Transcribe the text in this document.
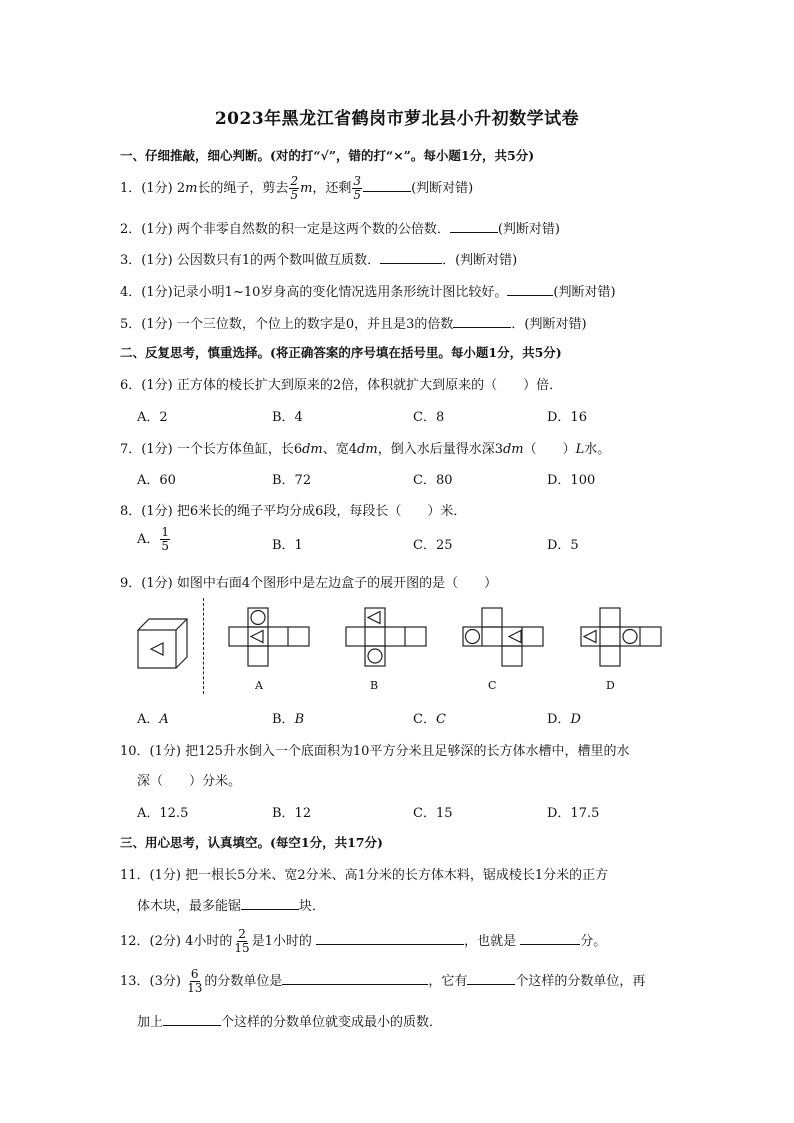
2023年黑龙江省鹤岗市萝北县小升初数学试卷
一、仔细推敲，细心判断。(对的打“√”，错的打“×”。每小题1分，共5分)
1．(1分) 2m长的绳子，剪去 $\frac{2}{5}$ m，还剩 $\frac{3}{5}$	(判断对错)
2．(1分) 两个非零自然数的积一定是这两个数的公倍数．	(判断对错)
3．(1分) 公因数只有1的两个数叫做互质数．	．(判断对错)
4．(1分)记录小明1~10岁身高的变化情况选用条形统计图比较好。	(判断对错)
5．(1分) 一个三位数，个位上的数字是0，并且是3的倍数	．(判断对错)
二、反复思考，慎重选择。(将正确答案的序号填在括号里。每小题1分，共5分)
6．(1分) 正方体的棱长扩大到原来的2倍，体积就扩大到原来的（　　）倍．
A．2	B．4	C．8	D．16
7．(1分) 一个长方体鱼缸，长6dm、宽4dm，倒入水后量得水深3dm（　　）L水。
A．60	B．72	C．80	D．100
8．(1分) 把6米长的绳子平均分成6段，每段长（　　）米．
A． $\frac{1}{5}$	B．1	C．25	D．5
9．(1分) 如图中右面4个图形中是左边盒子的展开图的是（　　）
A	B	C	D
A．A	B．B	C．C	D．D
10．(1分) 把125升水倒入一个底面积为10平方分米且足够深的长方体水槽中，槽里的水
深（　　）分米。
A．12.5	B．12	C．15	D．17.5
三、用心思考，认真填空。(每空1分，共17分)
11．(1分) 把一根长5分米、宽2分米、高1分米的长方体木料，锯成棱长1分米的正方
体木块，最多能锯	块．
12．(2分) 4小时的 $\frac{2}{15}$ 是1小时的	，也就是	分。
13．(3分) $\frac{6}{13}$ 的分数单位是	，它有	个这样的分数单位，再
加上	个这样的分数单位就变成最小的质数．
